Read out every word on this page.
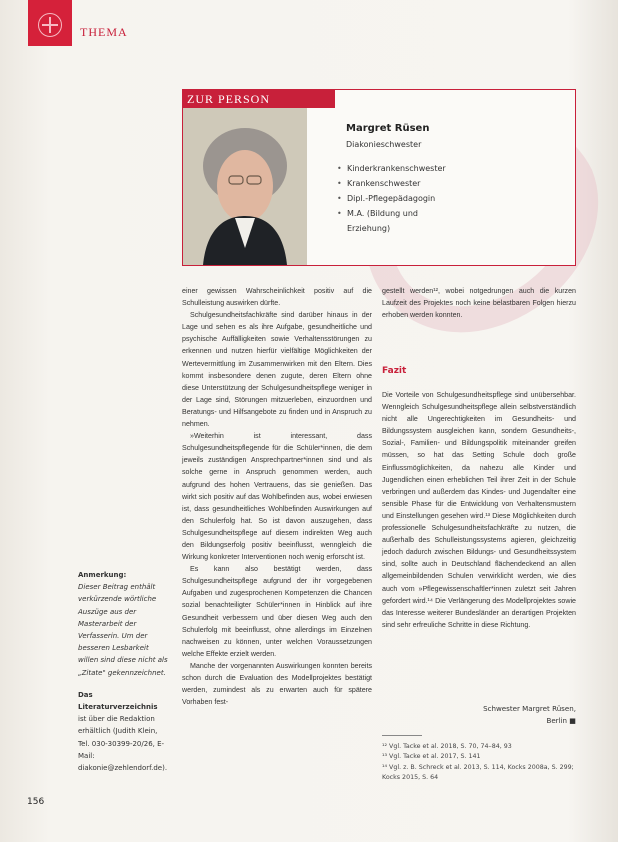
THEMA
ZUR PERSON
Margret Rüsen
Diakonieschwester
• Kinderkrankenschwester
• Krankenschwester
• Dipl.-Pflegepädagogin
• M.A. (Bildung und Erziehung)

einer gewissen Wahrscheinlichkeit positiv auf die Schulleistung auswirken dürfte.

Schulgesundheitsfachkräfte sind darüber hinaus in der Lage und sehen es als ihre Aufgabe, gesundheitliche und psychische Auffälligkeiten sowie Verhaltensstörungen zu erkennen und nutzen hierfür vielfältige Möglichkeiten der Wertevermittlung im Zusammenwirken mit den Eltern. Dies kommt insbesondere denen zugute, deren Eltern ohne diese Unterstützung der Schulgesundheitspflege weniger in der Lage sind, Störungen mitzuerleben, einzuordnen und Beratungs- und Hilfsangebote zu finden und in Anspruch zu nehmen.

»Weiterhin ist interessant, dass Schulgesundheitspflegende für die Schüler*innen, die dem jeweils zuständigen Ansprechpartner*innen sind und als solche gerne in Anspruch genommen werden, auch aufgrund des hohen Vertrauens, das sie genießen. Das wirkt sich positiv auf das Wohlbefinden aus, wobei erwiesen ist, dass gesundheitliches Wohlbefinden Auswirkungen auf den Schulerfolg hat. So ist davon auszugehen, dass Schulgesundheitspflege auf diesem indirekten Weg auch den Bildungserfolg positiv beeinflusst, wenngleich die Wirkung konkreter Interventionen noch wenig erforscht ist.

Es kann also bestätigt werden, dass Schulgesundheitspflege aufgrund der ihr vorgegebenen Aufgaben und zugesprochenen Kompetenzen die Chancen sozial benachteiligter Schüler*innen in Hinblick auf ihre Gesundheit verbessern und über diesen Weg auch den Schulerfolg mit beeinflusst, ohne allerdings im Einzelnen nachweisen zu können, unter welchen Voraussetzungen welche Effekte erzielt werden.

Manche der vorgenannten Auswirkungen konnten bereits schon durch die Evaluation des Modellprojektes bestätigt werden, zumindest als zu erwarten auch für spätere Vorhaben fest-

gestellt werden¹², wobei notgedrungen auch die kurzen Laufzeit des Projektes noch keine belastbaren Folgen hierzu erhoben werden konnten.

Fazit

Die Vorteile von Schulgesundheitspflege sind unübersehbar. Wenngleich Schulgesundheitspflege allein selbstverständlich nicht alle Ungerechtigkeiten im Gesundheits- und Bildungssystem ausgleichen kann, sondern Gesundheits-, Sozial-, Familien- und Bildungspolitik miteinander greifen müssen, so hat das Setting Schule doch große Einflussmöglichkeiten, da nahezu alle Kinder und Jugendlichen einen erheblichen Teil ihrer Zeit in der Schule verbringen und außerdem das Kindes- und Jugendalter eine sensible Phase für die Entwicklung von Verhaltensmustern und Einstellungen gesehen wird.¹³ Diese Möglichkeiten durch professionelle Schulgesundheitsfachkräfte zu nutzen, die außerhalb des Schulleistungssystems agieren, gleichzeitig jedoch dadurch zwischen Bildungs- und Gesundheitssystem sind, sollte auch in Deutschland flächendeckend an allen allgemeinbildenden Schulen verwirklicht werden, wie dies auch vom »Pflegewissenschaftler*innen zuletzt seit Jahren gefordert wird.¹⁴ Die Verlängerung des Modellprojektes sowie das Interesse weiterer Bundesländer an derartigen Projekten sind sehr erfreuliche Schritte in diese Richtung.

Schwester Margret Rüsen,
Berlin ■
¹² Vgl. Tacke et al. 2018, S. 70, 74–84, 93
¹³ Vgl. Tacke et al. 2017, S. 141
¹⁴ Vgl. z. B. Schreck et al. 2013, S. 114, Kocks 2008a, S. 299; Kocks 2015, S. 64
Anmerkung:
Dieser Beitrag enthält verkürzende wörtliche Auszüge aus der Masterarbeit der Verfasserin. Um der besseren Lesbarkeit willen sind diese nicht als „Zitate" gekennzeichnet.
Das Literaturverzeichnis
ist über die Redaktion erhältlich (Judith Klein, Tel. 030-30399-20/26, E-Mail: diakonie@zehlendorf.de).
156
